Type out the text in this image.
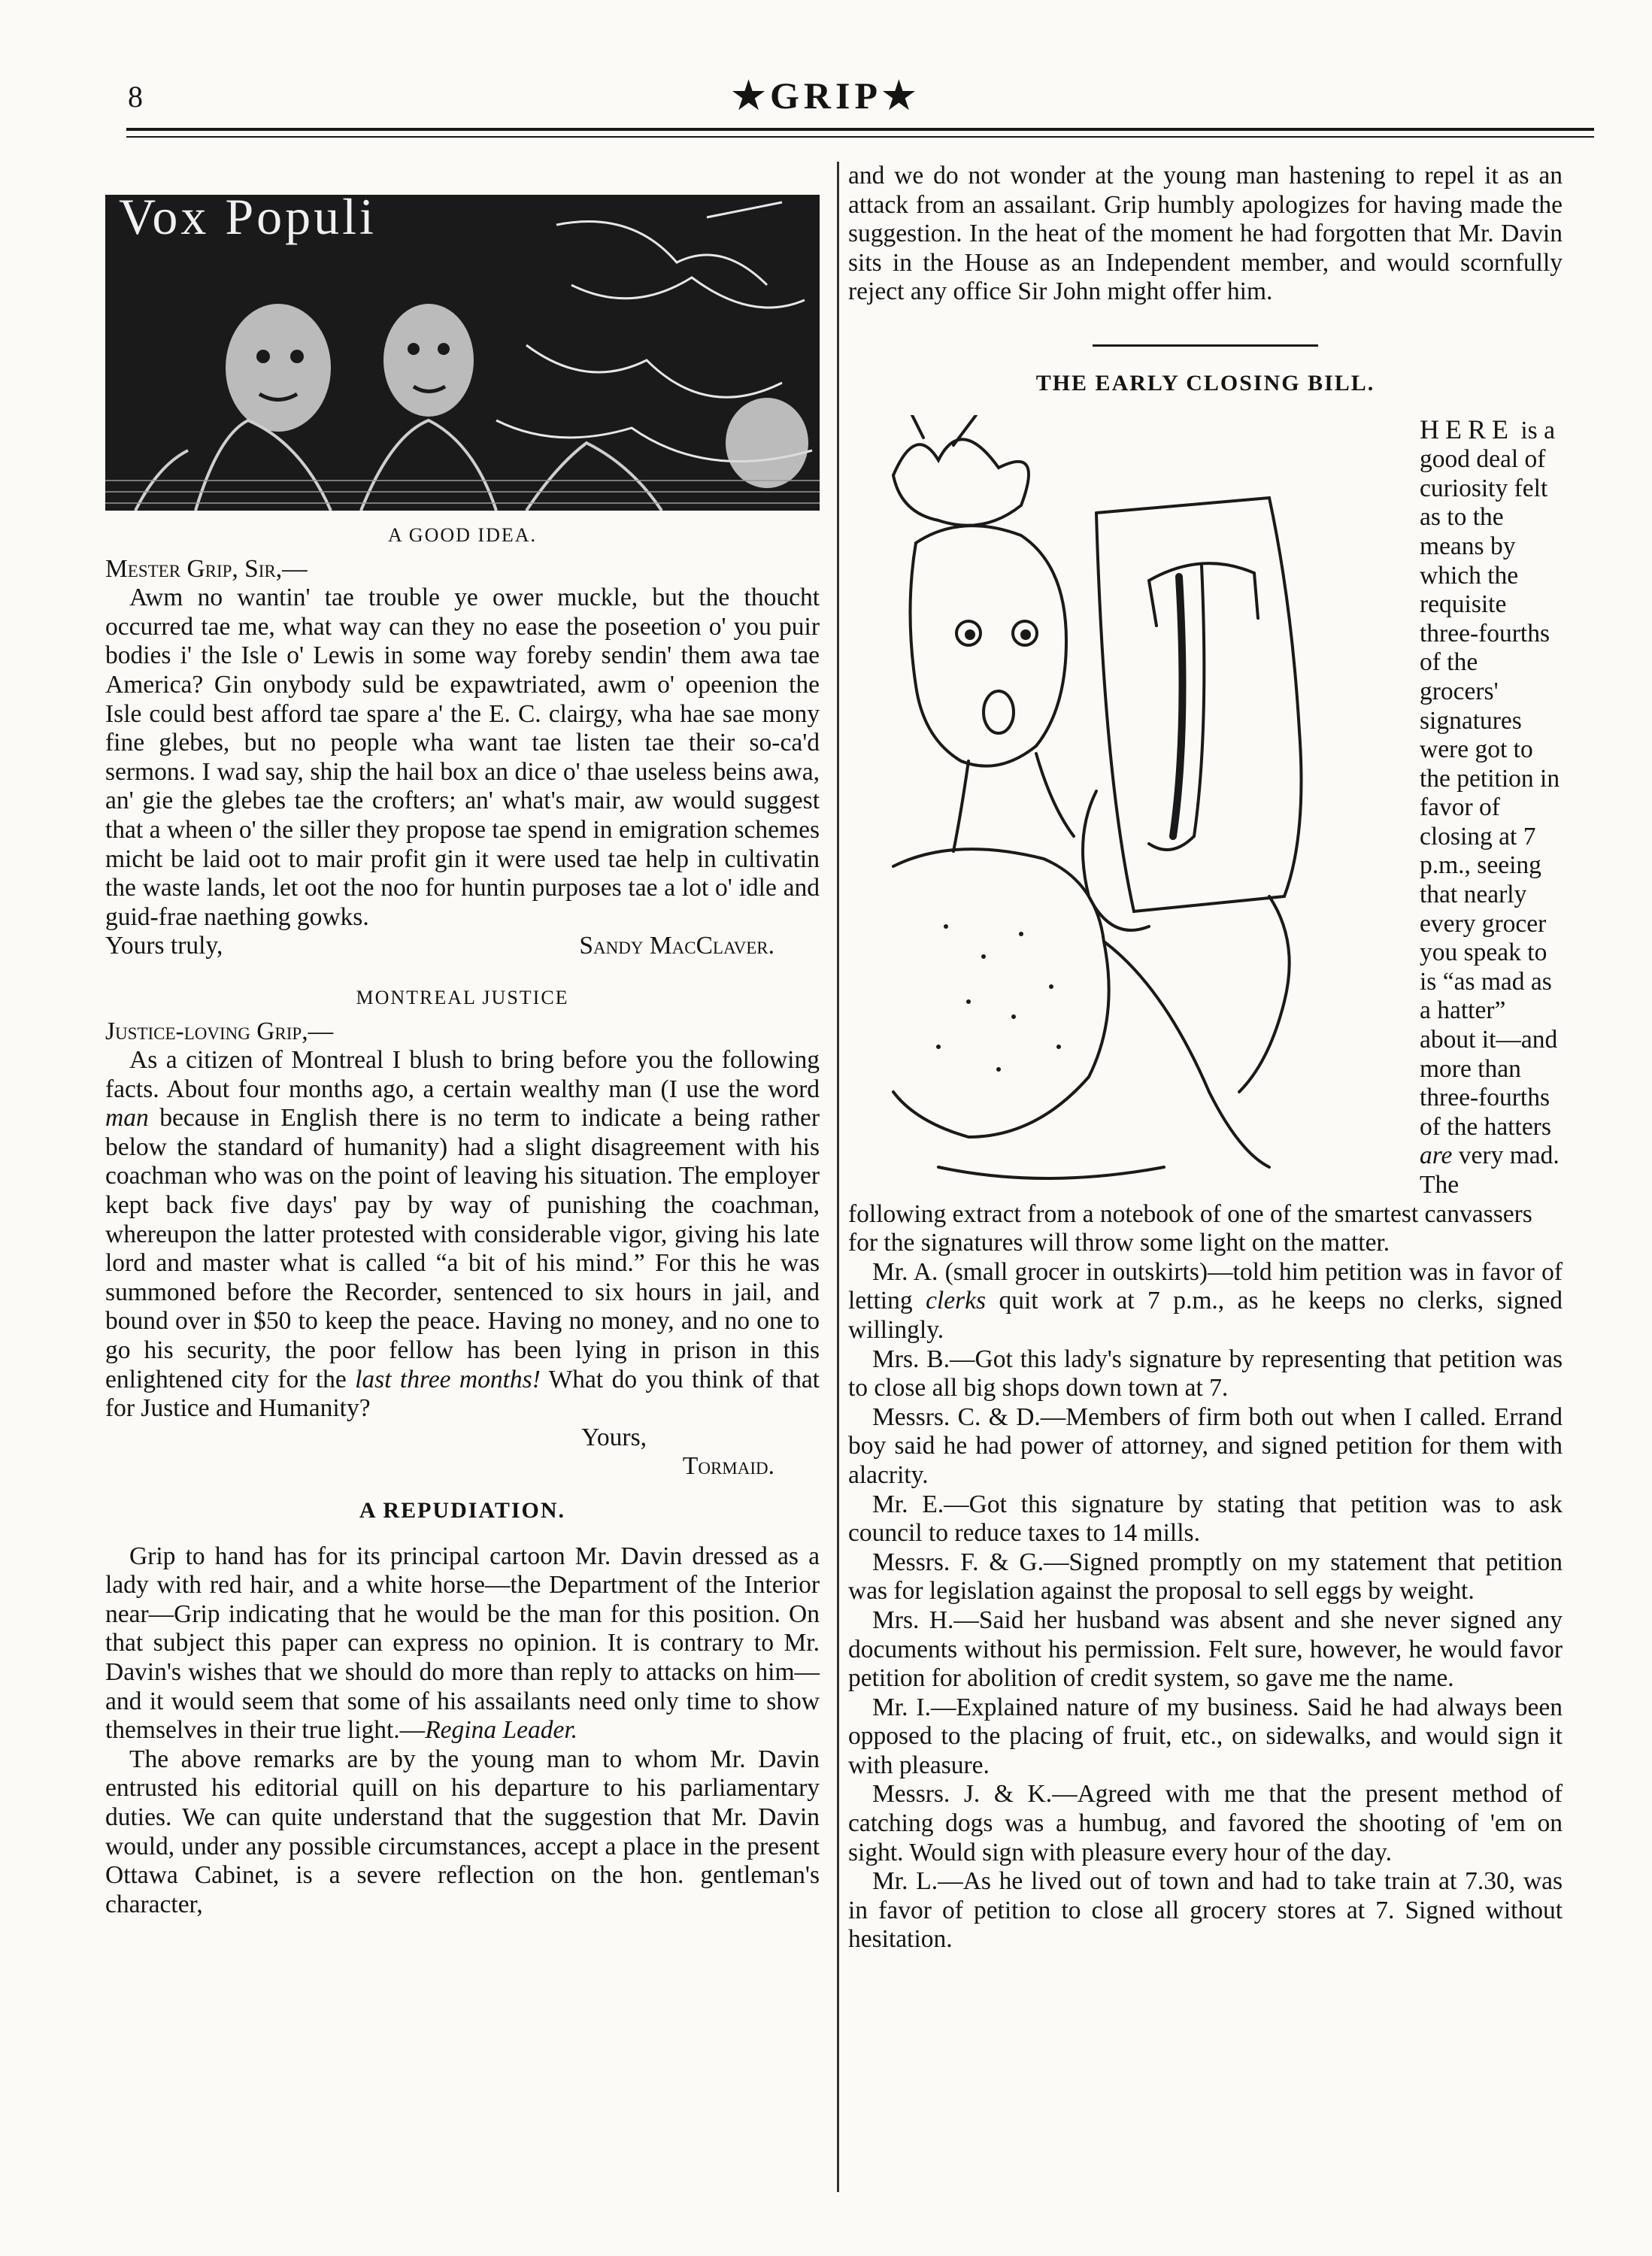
8	★GRIP★
Vox Populi
A GOOD IDEA.

Mester Grip, Sir,—

Awm no wantin' tae trouble ye ower muckle, but the thoucht occurred tae me, what way can they no ease the poseetion o' you puir bodies i' the Isle o' Lewis in some way foreby sendin' them awa tae America? Gin onybody suld be expawtriated, awm o' opeenion the Isle could best afford tae spare a' the E. C. clairgy, wha hae sae mony fine glebes, but no people wha want tae listen tae their so-ca'd sermons. I wad say, ship the hail box an dice o' thae useless beins awa, an' gie the glebes tae the crofters; an' what's mair, aw would suggest that a wheen o' the siller they propose tae spend in emigration schemes micht be laid oot to mair profit gin it were used tae help in cultivatin the waste lands, let oot the noo for huntin purposes tae a lot o' idle and guid-frae naething gowks.

Yours truly,	Sandy MacClaver.
MONTREAL JUSTICE

Justice-loving Grip,—

As a citizen of Montreal I blush to bring before you the following facts. About four months ago, a certain wealthy man (I use the word man because in English there is no term to indicate a being rather below the standard of humanity) had a slight disagreement with his coachman who was on the point of leaving his situation. The employer kept back five days' pay by way of punishing the coachman, whereupon the latter protested with considerable vigor, giving his late lord and master what is called “a bit of his mind.” For this he was summoned before the Recorder, sentenced to six hours in jail, and bound over in $50 to keep the peace. Having no money, and no one to go his security, the poor fellow has been lying in prison in this enlightened city for the last three months! What do you think of that for Justice and Humanity?

Yours,
Tormaid.
A REPUDIATION.

Grip to hand has for its principal cartoon Mr. Davin dressed as a lady with red hair, and a white horse—the Department of the Interior near—Grip indicating that he would be the man for this position. On that subject this paper can express no opinion. It is contrary to Mr. Davin's wishes that we should do more than reply to attacks on him—and it would seem that some of his assailants need only time to show themselves in their true light.—Regina Leader.

The above remarks are by the young man to whom Mr. Davin entrusted his editorial quill on his departure to his parliamentary duties. We can quite understand that the suggestion that Mr. Davin would, under any possible circumstances, accept a place in the present Ottawa Cabinet, is a severe reflection on the hon. gentleman's character,

and we do not wonder at the young man hastening to repel it as an attack from an assailant. Grip humbly apologizes for having made the suggestion. In the heat of the moment he had forgotten that Mr. Davin sits in the House as an Independent member, and would scornfully reject any office Sir John might offer him.

THE EARLY CLOSING BILL.

HERE is a good deal of curiosity felt as to the means by which the requisite three-fourths of the grocers' signatures were got to the petition in favor of closing at 7 p.m., seeing that nearly every grocer you speak to is “as mad as a hatter” about it—and more than three-fourths of the hatters are very mad. The following extract from a notebook of one of the smartest canvassers for the signatures will throw some light on the matter.

Mr. A. (small grocer in outskirts)—told him petition was in favor of letting clerks quit work at 7 p.m., as he keeps no clerks, signed willingly.

Mrs. B.—Got this lady's signature by representing that petition was to close all big shops down town at 7.

Messrs. C. & D.—Members of firm both out when I called. Errand boy said he had power of attorney, and signed petition for them with alacrity.

Mr. E.—Got this signature by stating that petition was to ask council to reduce taxes to 14 mills.

Messrs. F. & G.—Signed promptly on my statement that petition was for legislation against the proposal to sell eggs by weight.

Mrs. H.—Said her husband was absent and she never signed any documents without his permission. Felt sure, however, he would favor petition for abolition of credit system, so gave me the name.

Mr. I.—Explained nature of my business. Said he had always been opposed to the placing of fruit, etc., on sidewalks, and would sign it with pleasure.

Messrs. J. & K.—Agreed with me that the present method of catching dogs was a humbug, and favored the shooting of 'em on sight. Would sign with pleasure every hour of the day.

Mr. L.—As he lived out of town and had to take train at 7.30, was in favor of petition to close all grocery stores at 7. Signed without hesitation.
